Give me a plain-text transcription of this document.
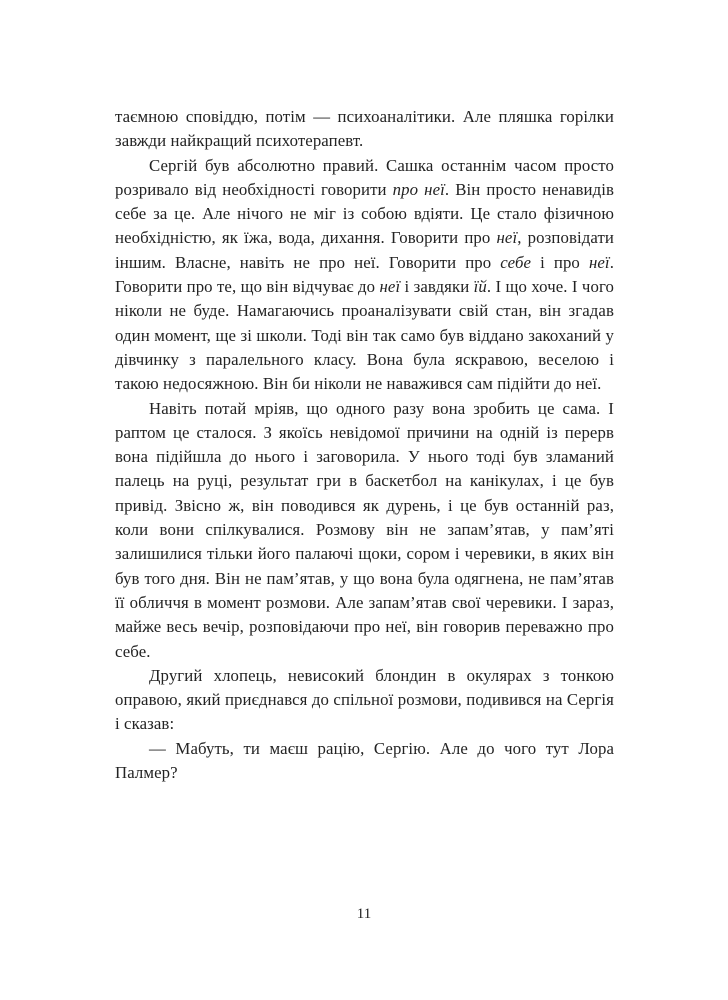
таємною сповіддю, потім — психоаналітики. Але пляшка горілки завжди найкращий психотерапевт.

Сергій був абсолютно правий. Сашка останнім часом просто розривало від необхідності говорити про неї. Він просто ненавидів себе за це. Але нічого не міг із собою вдіяти. Це стало фізичною необхідністю, як їжа, вода, дихання. Говорити про неї, розповідати іншим. Власне, навіть не про неї. Говорити про себе і про неї. Говорити про те, що він відчуває до неї і завдяки їй. І що хоче. І чого ніколи не буде. Намагаючись проаналізувати свій стан, він згадав один момент, ще зі школи. Тоді він так само був віддано закоханий у дівчинку з паралельного класу. Вона була яскравою, веселою і такою недосяжною. Він би ніколи не наважився сам підійти до неї.

Навіть потай мріяв, що одного разу вона зробить це сама. І раптом це сталося. З якоїсь невідомої причини на одній із перерв вона підійшла до нього і заговорила. У нього тоді був зламаний палець на руці, результат гри в баскетбол на канікулах, і це був привід. Звісно ж, він поводився як дурень, і це був останній раз, коли вони спілкувалися. Розмову він не запам’ятав, у пам’яті залишилися тільки його палаючі щоки, сором і черевики, в яких він був того дня. Він не пам’ятав, у що вона була одягнена, не пам’ятав її обличчя в момент розмови. Але запам’ятав свої черевики. І зараз, майже весь вечір, розповідаючи про неї, він говорив переважно про себе.

Другий хлопець, невисокий блондин в окулярах з тонкою оправою, який приєднався до спільної розмови, подивився на Сергія і сказав:

— Мабуть, ти маєш рацію, Сергію. Але до чого тут Лора Палмер?

11
